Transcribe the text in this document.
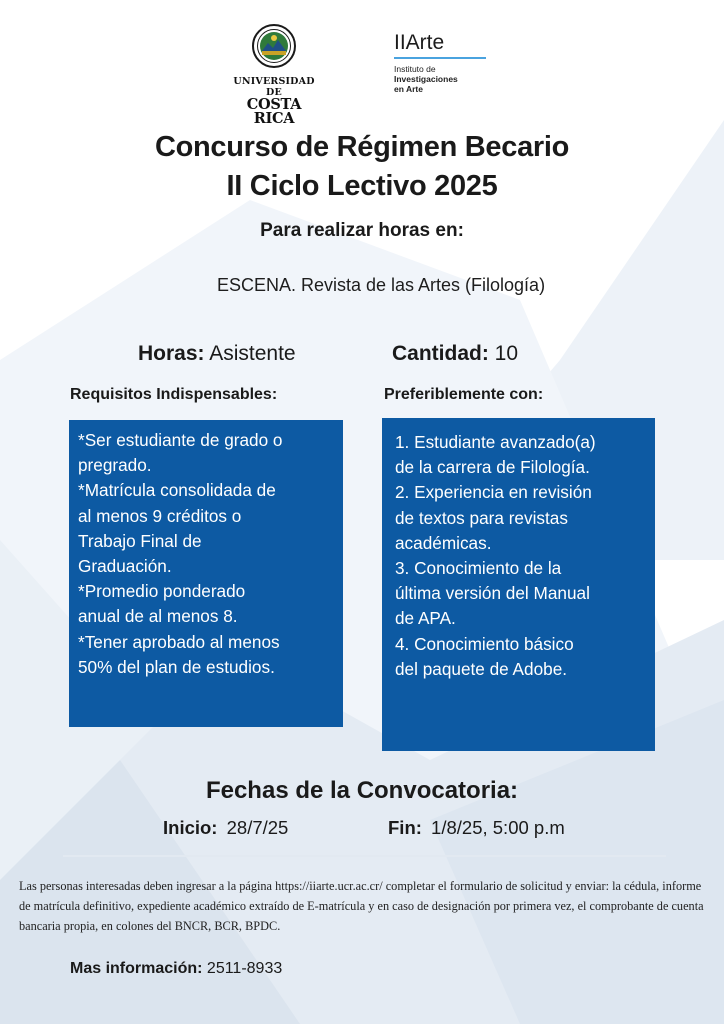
UNIVERSIDAD DE
COSTA RICA
IIArte
Instituto de
Investigaciones
en Arte
Concurso de Régimen Becario
II Ciclo Lectivo 2025
Para realizar horas en:
ESCENA. Revista de las Artes (Filología)
Horas: Asistente	Cantidad: 10
Requisitos Indispensables:	Preferiblemente con:
*Ser estudiante de grado o
pregrado.
*Matrícula consolidada de
al menos 9 créditos o
Trabajo Final de
Graduación.
*Promedio ponderado
anual de al menos 8.
*Tener aprobado al menos
50% del plan de estudios.
1. Estudiante avanzado(a)
de la carrera de Filología.
2. Experiencia en revisión
de textos para revistas
académicas.
3. Conocimiento de la
última versión del Manual
de APA.
4. Conocimiento básico
del paquete de Adobe.
Fechas de la Convocatoria:
Inicio: 28/7/25	Fin: 1/8/25, 5:00 p.m
Las personas interesadas deben ingresar a la página https://iiarte.ucr.ac.cr/ completar el formulario de solicitud y enviar: la cédula, informe de matrícula definitivo, expediente académico extraído de E-matrícula y en caso de designación por primera vez, el comprobante de cuenta bancaria propia, en colones del BNCR, BCR, BPDC.
Mas información: 2511-8933
